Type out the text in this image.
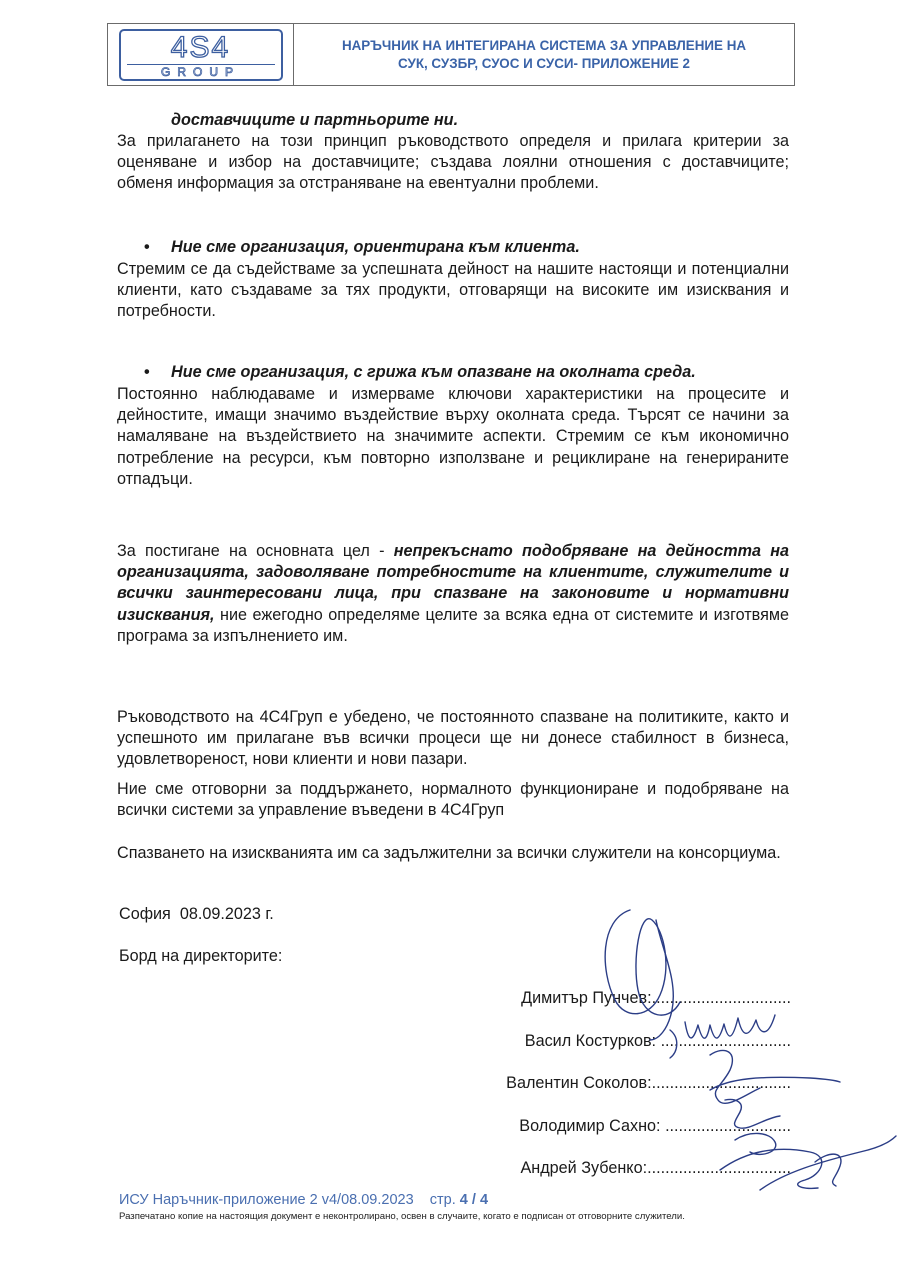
4S4
GROUP
НАРЪЧНИК НА ИНТЕГИРАНА СИСТЕМА ЗА УПРАВЛЕНИЕ НА
СУК, СУЗБР, СУОС И СУСИ- ПРИЛОЖЕНИЕ 2
доставчиците и партньорите ни.
За прилагането на този принцип ръководството определя и прилага критерии за оценяване и избор на доставчиците; създава лоялни отношения с доставчиците; обменя информация за отстраняване на евентуални проблеми.
• Ние сме организация, ориентирана към клиента.
Стремим се да съдействаме за успешната дейност на нашите настоящи и потенциални клиенти, като създаваме за тях продукти, отговарящи на високите им изисквания и потребности.
• Ние сме организация, с грижа към опазване на околната среда.
Постоянно наблюдаваме и измерваме ключови характеристики на процесите и дейностите, имащи значимо въздействие върху околната среда. Търсят се начини за намаляване на въздействието на значимите аспекти. Стремим се към икономично потребление на ресурси, към повторно използване и рециклиране на генерираните отпадъци.
За постигане на основната цел - непрекъснато подобряване на дейността на организацията, задоволяване потребностите на клиентите, служителите и всички заинтересовани лица, при спазване на законовите и нормативни изисквания, ние ежегодно определяме целите за всяка една от системите и изготвяме програма за изпълнението им.
Ръководството на 4С4Груп е убедено, че постоянното спазване на политиките, както и успешното им прилагане във всички процеси ще ни донесе стабилност в бизнеса, удовлетвореност, нови клиенти и нови пазари.
Ние сме отговорни за поддържането, нормалното функциониране и подобряване на всички системи за управление въведени в 4С4Груп
Спазването на изискванията им са задължителни за всички служители на консорциума.
София  08.09.2023 г.
Борд на директорите:
Димитър Пунчев:...............................
Васил Костурков: .............................
Валентин Соколов:...............................
Володимир Сахно: ............................
Андрей Зубенко:................................
ИСУ Наръчник-приложение 2 v4/08.09.2023    стр. 4 / 4
Разпечатано копие на настоящия документ е неконтролирано, освен в случаите, когато е подписан от отговорните служители.
